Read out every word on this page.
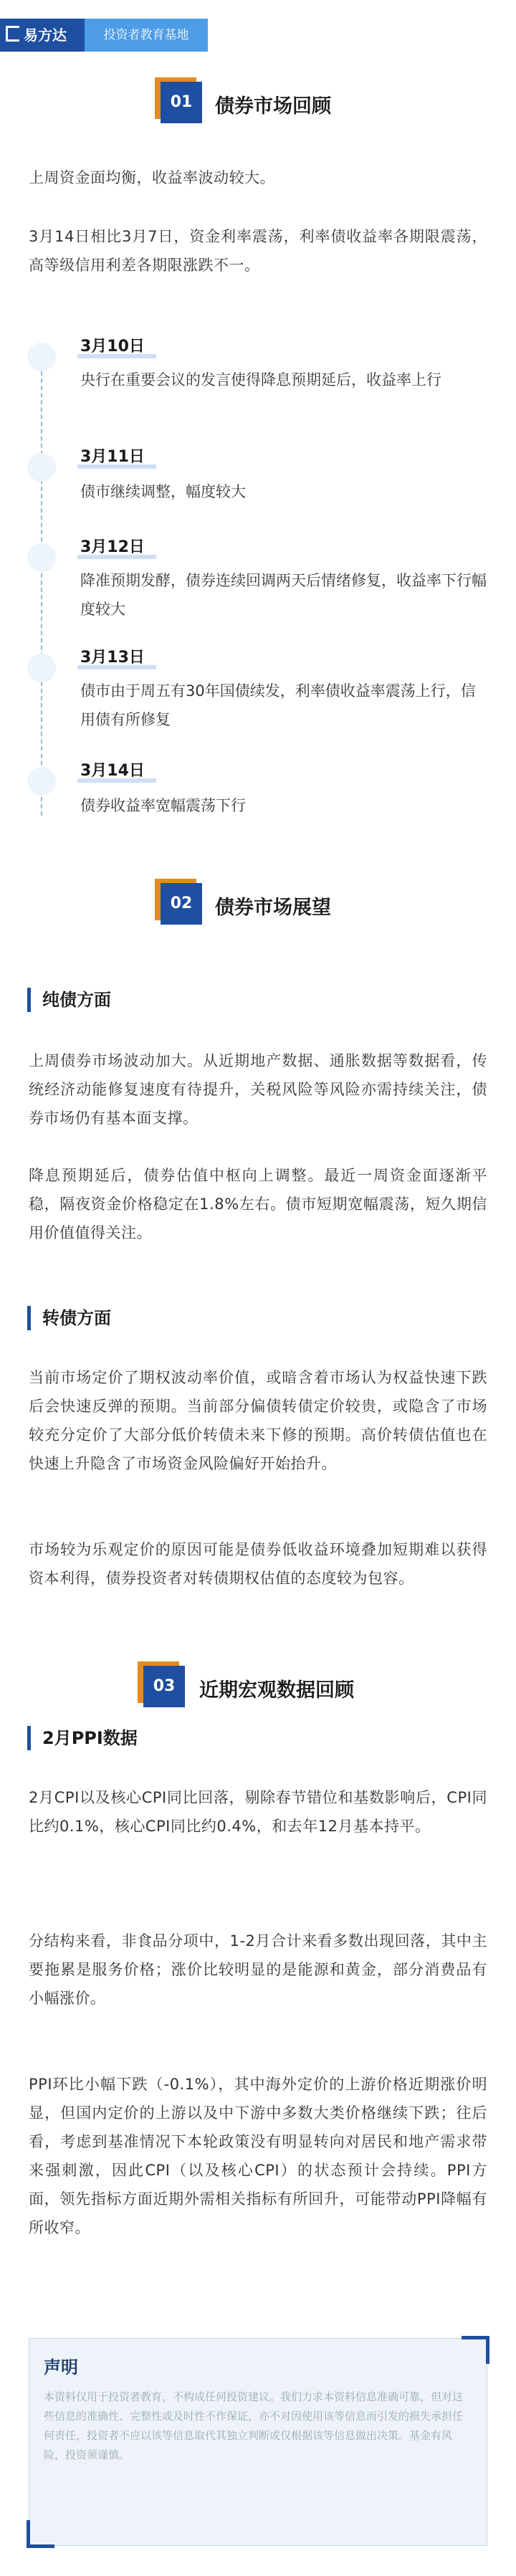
易方达	投资者教育基地
01	债券市场回顾

上周资金面均衡，收益率波动较大。

3月14日相比3月7日，资金利率震荡，利率债收益率各期限震荡，高等级信用利差各期限涨跌不一。

3月10日

央行在重要会议的发言使得降息预期延后，收益率上行

3月11日

债市继续调整，幅度较大

3月12日

降准预期发酵，债券连续回调两天后情绪修复，收益率下行幅度较大

3月13日

债市由于周五有30年国债续发，利率债收益率震荡上行，信用债有所修复

3月14日

债券收益率宽幅震荡下行

02	债券市场展望
纯债方面

上周债券市场波动加大。从近期地产数据、通胀数据等数据看，传统经济动能修复速度有待提升，关税风险等风险亦需持续关注，债券市场仍有基本面支撑。

降息预期延后，债券估值中枢向上调整。最近一周资金面逐渐平稳，隔夜资金价格稳定在1.8%左右。债市短期宽幅震荡，短久期信用价值值得关注。

转债方面

当前市场定价了期权波动率价值，或暗含着市场认为权益快速下跌后会快速反弹的预期。当前部分偏债转债定价较贵，或隐含了市场较充分定价了大部分低价转债未来下修的预期。高价转债估值也在快速上升隐含了市场资金风险偏好开始抬升。

市场较为乐观定价的原因可能是债券低收益环境叠加短期难以获得资本利得，债券投资者对转债期权估值的态度较为包容。

03	近期宏观数据回顾
2月PPI数据

2月CPI以及核心CPI同比回落，剔除春节错位和基数影响后，CPI同比约0.1%，核心CPI同比约0.4%，和去年12月基本持平。

分结构来看，非食品分项中，1-2月合计来看多数出现回落，其中主要拖累是服务价格；涨价比较明显的是能源和黄金，部分消费品有小幅涨价。

PPI环比小幅下跌（-0.1%），其中海外定价的上游价格近期涨价明显，但国内定价的上游以及中下游中多数大类价格继续下跌；往后看，考虑到基准情况下本轮政策没有明显转向对居民和地产需求带来强刺激，因此CPI（以及核心CPI）的状态预计会持续。PPI方面，领先指标方面近期外需相关指标有所回升，可能带动PPI降幅有所收窄。

声明

本资料仅用于投资者教育，不构成任何投资建议。我们力求本资料信息准确可靠，但对这些信息的准确性、完整性或及时性不作保证，亦不对因使用该等信息而引发的损失承担任何责任，投资者不应以该等信息取代其独立判断或仅根据该等信息做出决策。基金有风险，投资须谨慎。
